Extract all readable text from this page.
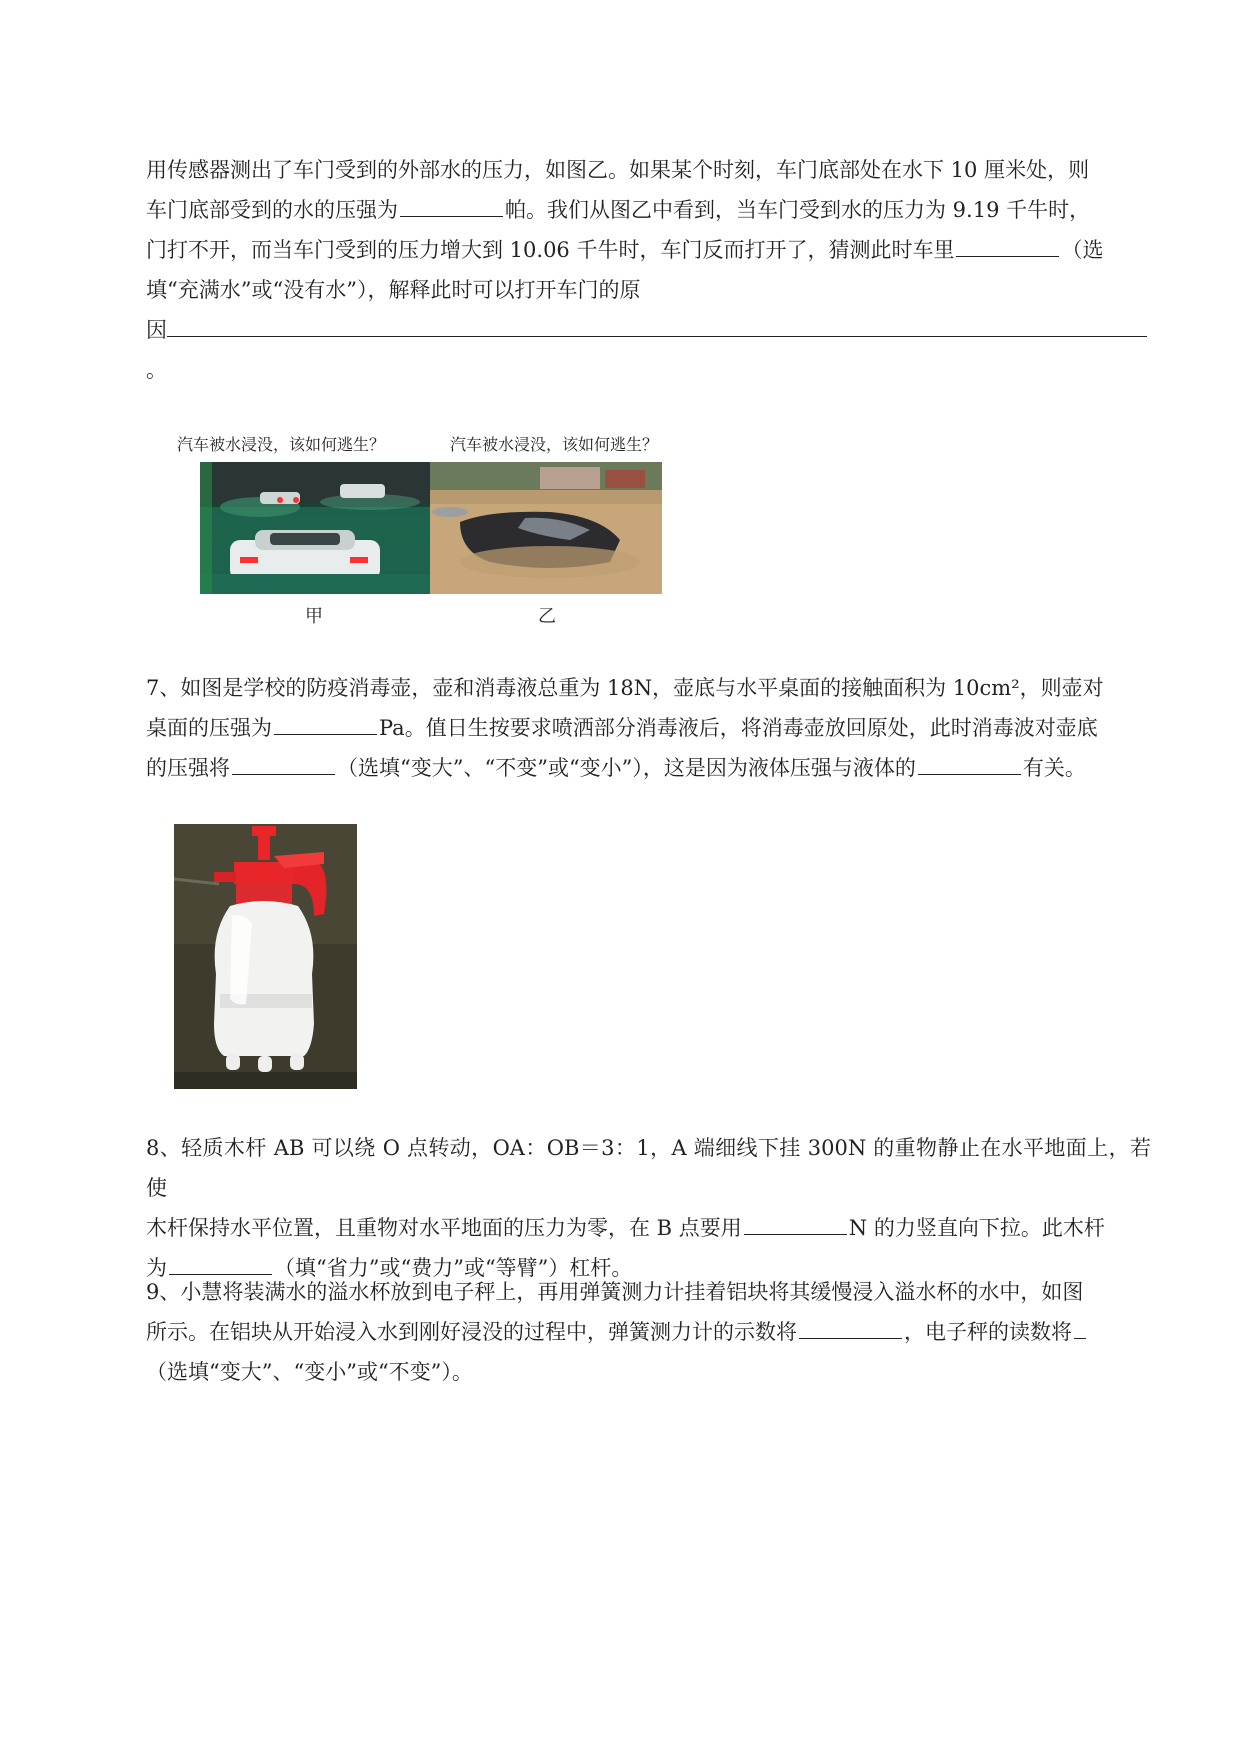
用传感器测出了车门受到的外部水的压力，如图乙。如果某个时刻，车门底部处在水下 10 厘米处，则
车门底部受到的水的压强为	帕。我们从图乙中看到，当车门受到水的压力为 9.19 千牛时，
门打不开，而当车门受到的压力增大到 10.06 千牛时，车门反而打开了，猜测此时车里	（选
填“充满水”或“没有水”），解释此时可以打开车门的原
因
。
汽车被水浸没，该如何逃生？	汽车被水浸没，该如何逃生？
甲	乙
7、如图是学校的防疫消毒壶，壶和消毒液总重为 18N，壶底与水平桌面的接触面积为 10cm²，则壶对
桌面的压强为	Pa。值日生按要求喷洒部分消毒液后，将消毒壶放回原处，此时消毒波对壶底
的压强将	（选填“变大”、“不变”或“变小”），这是因为液体压强与液体的	有关。
8、轻质木杆 AB 可以绕 O 点转动，OA：OB＝3：1，A 端细线下挂 300N 的重物静止在水平地面上，若使
木杆保持水平位置，且重物对水平地面的压力为零，在 B 点要用	N 的力竖直向下拉。此木杆
为	（填“省力”或“费力”或“等臂”）杠杆。
9、小慧将装满水的溢水杯放到电子秤上，再用弹簧测力计挂着铝块将其缓慢浸入溢水杯的水中，如图
所示。在铝块从开始浸入水到刚好浸没的过程中，弹簧测力计的示数将	，电子秤的读数将
（选填“变大”、“变小”或“不变”）。
